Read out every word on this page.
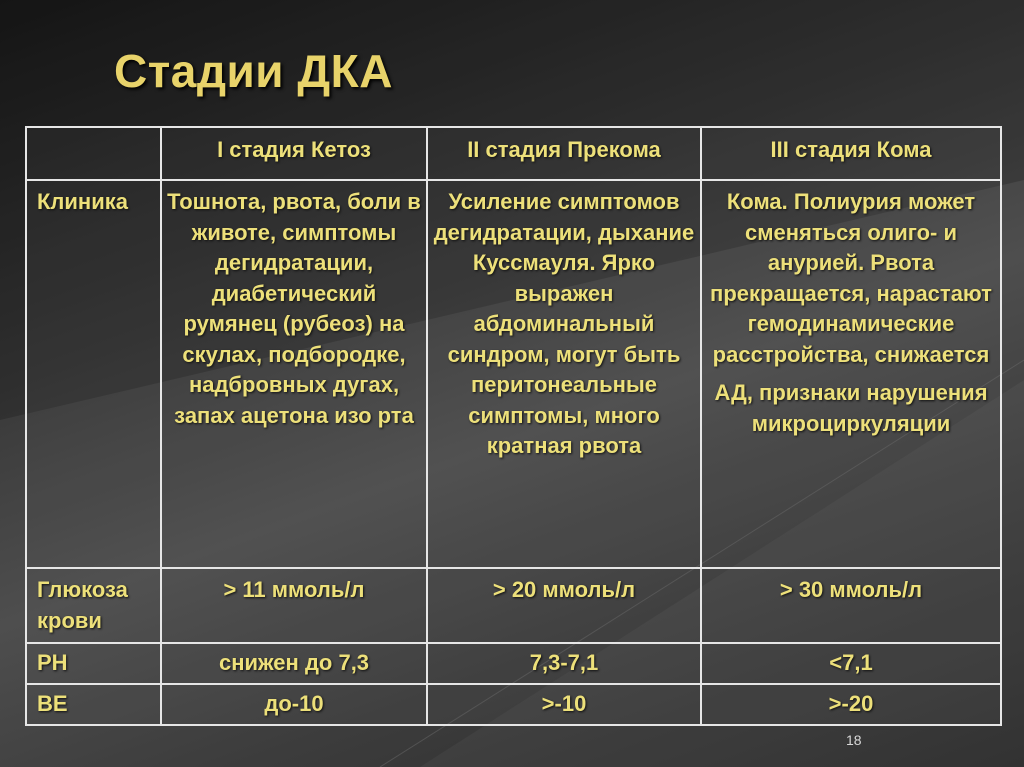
Стадии ДКА
	I стадия Кетоз	II стадия Прекома	III стадия Кома
Клиника	Тошнота, рвота, боли в животе, симптомы дегидратации, диабетический румянец (рубеоз) на скулах, подбородке, надбровных дугах, запах ацетона изо рта	Усиление симптомов дегидратации, дыхание Куссмауля. Ярко выражен абдоминальный синдром, могут быть перитонеальные симптомы, много кратная рвота	Кома. Полиурия может сменяться олиго- и анурией. Рвота прекращается, нарастают гемодинамические расстройства, снижается
АД, признаки нарушения микроциркуляции

Глюкоза крови	> 11 ммоль/л	> 20 ммоль/л	> 30 ммоль/л
PH	снижен до 7,3	7,3-7,1	<7,1
BE	до-10	>-10	>-20
18
